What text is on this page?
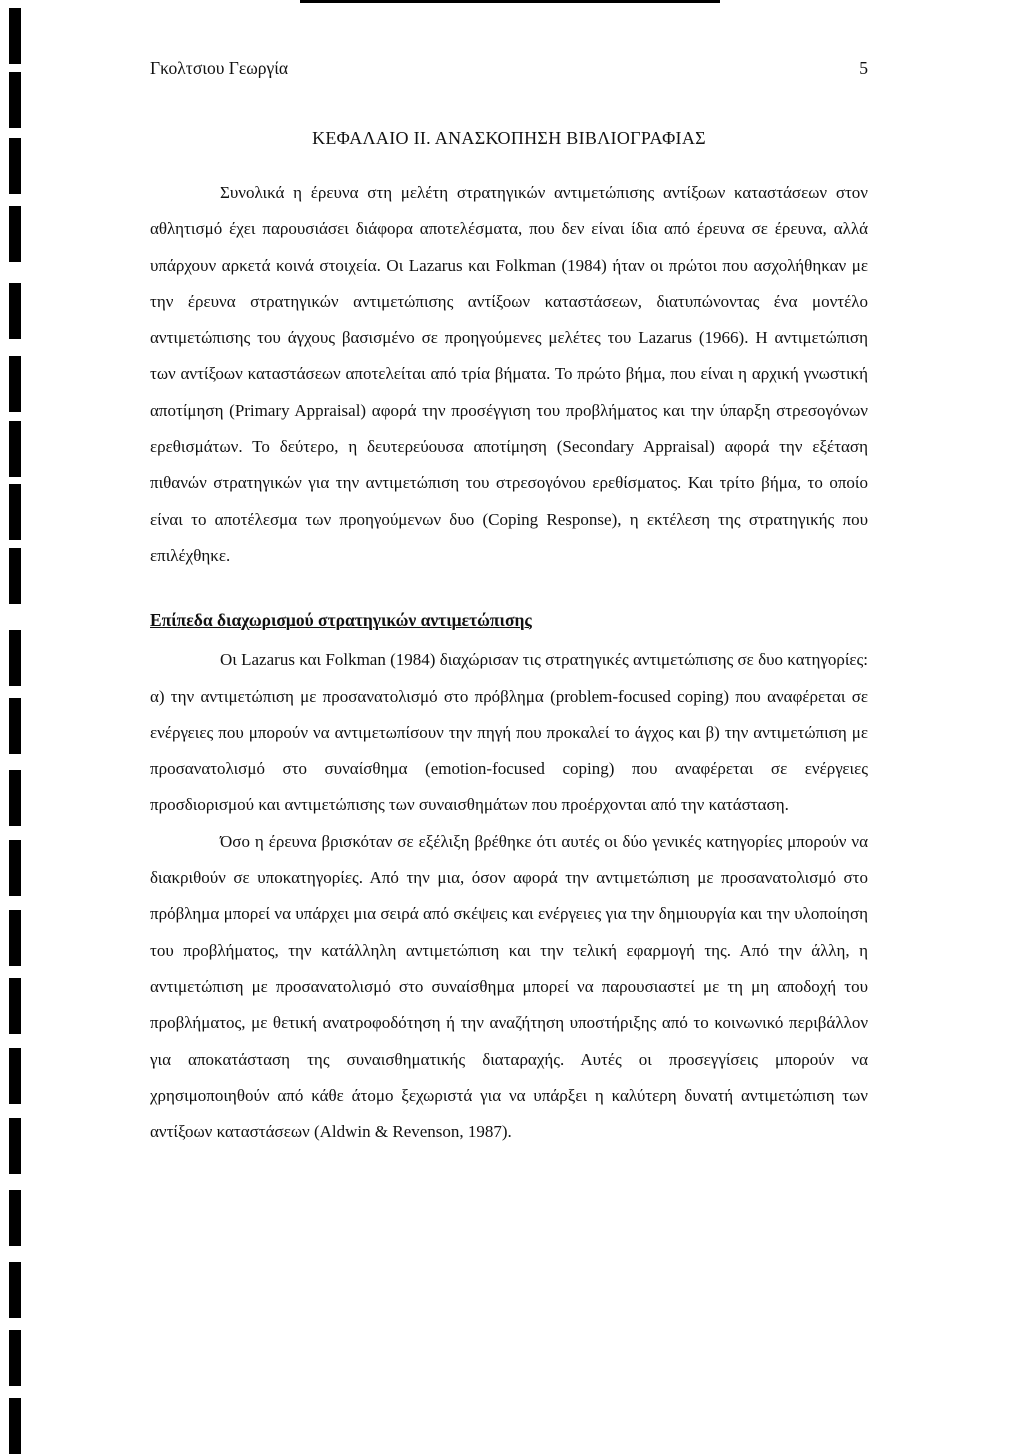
Γκολτσιου Γεωργία	5
ΚΕΦΑΛΑΙΟ ΙΙ. ΑΝΑΣΚΟΠΗΣΗ ΒΙΒΛΙΟΓΡΑΦΙΑΣ

Συνολικά η έρευνα στη μελέτη στρατηγικών αντιμετώπισης αντίξοων καταστάσεων στον αθλητισμό έχει παρουσιάσει διάφορα αποτελέσματα, που δεν είναι ίδια από έρευνα σε έρευνα, αλλά υπάρχουν αρκετά κοινά στοιχεία. Οι Lazarus και Folkman (1984) ήταν οι πρώτοι που ασχολήθηκαν με την έρευνα στρατηγικών αντιμετώπισης αντίξοων καταστάσεων, διατυπώνοντας ένα μοντέλο αντιμετώπισης του άγχους βασισμένο σε προηγούμενες μελέτες του Lazarus (1966). Η αντιμετώπιση των αντίξοων καταστάσεων αποτελείται από τρία βήματα. Το πρώτο βήμα, που είναι η αρχική γνωστική αποτίμηση (Primary Appraisal) αφορά την προσέγγιση του προβλήματος και την ύπαρξη στρεσογόνων ερεθισμάτων. Το δεύτερο, η δευτερεύουσα αποτίμηση (Secondary Appraisal) αφορά την εξέταση πιθανών στρατηγικών για την αντιμετώπιση του στρεσογόνου ερεθίσματος. Και τρίτο βήμα, το οποίο είναι το αποτέλεσμα των προηγούμενων δυο (Coping Response), η εκτέλεση της στρατηγικής που επιλέχθηκε.

Επίπεδα διαχωρισμού στρατηγικών αντιμετώπισης

Οι Lazarus και Folkman (1984) διαχώρισαν τις στρατηγικές αντιμετώπισης σε δυο κατηγορίες: α) την αντιμετώπιση με προσανατολισμό στο πρόβλημα (problem-focused coping) που αναφέρεται σε ενέργειες που μπορούν να αντιμετωπίσουν την πηγή που προκαλεί το άγχος και β) την αντιμετώπιση με προσανατολισμό στο συναίσθημα (emotion-focused coping) που αναφέρεται σε ενέργειες προσδιορισμού και αντιμετώπισης των συναισθημάτων που προέρχονται από την κατάσταση.

Όσο η έρευνα βρισκόταν σε εξέλιξη βρέθηκε ότι αυτές οι δύο γενικές κατηγορίες μπορούν να διακριθούν σε υποκατηγορίες. Από την μια, όσον αφορά την αντιμετώπιση με προσανατολισμό στο πρόβλημα μπορεί να υπάρχει μια σειρά από σκέψεις και ενέργειες για την δημιουργία και την υλοποίηση του προβλήματος, την κατάλληλη αντιμετώπιση και την τελική εφαρμογή της. Από την άλλη, η αντιμετώπιση με προσανατολισμό στο συναίσθημα μπορεί να παρουσιαστεί με τη μη αποδοχή του προβλήματος, με θετική ανατροφοδότηση ή την αναζήτηση υποστήριξης από το κοινωνικό περιβάλλον για αποκατάσταση της συναισθηματικής διαταραχής. Αυτές οι προσεγγίσεις μπορούν να χρησιμοποιηθούν από κάθε άτομο ξεχωριστά για να υπάρξει η καλύτερη δυνατή αντιμετώπιση των αντίξοων καταστάσεων (Aldwin & Revenson, 1987).
